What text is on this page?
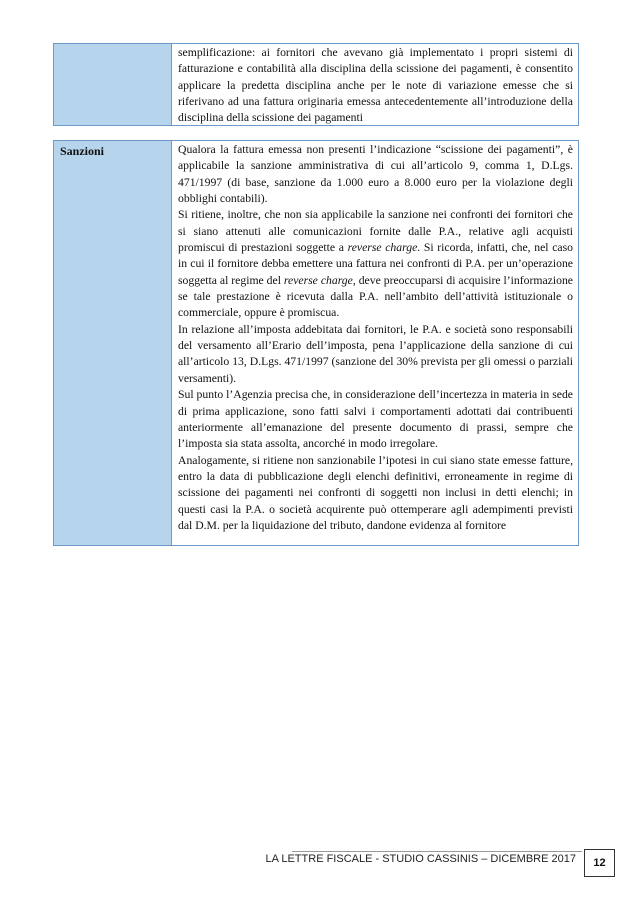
semplificazione: ai fornitori che avevano già implementato i propri sistemi di fatturazione e contabilità alla disciplina della scissione dei pagamenti, è consentito applicare la predetta disciplina anche per le note di variazione emesse che si riferivano ad una fattura originaria emessa antecedentemente all’introduzione della disciplina della scissione dei pagamenti

Sanzioni	Qualora la fattura emessa non presenti l’indicazione “scissione dei pagamenti”, è applicabile la sanzione amministrativa di cui all’articolo 9, comma 1, D.Lgs. 471/1997 (di base, sanzione da 1.000 euro a 8.000 euro per la violazione degli obblighi contabili).

Si ritiene, inoltre, che non sia applicabile la sanzione nei confronti dei fornitori che si siano attenuti alle comunicazioni fornite dalle P.A., relative agli acquisti promiscui di prestazioni soggette a reverse charge. Si ricorda, infatti, che, nel caso in cui il fornitore debba emettere una fattura nei confronti di P.A. per un’operazione soggetta al regime del reverse charge, deve preoccuparsi di acquisire l’informazione se tale prestazione è ricevuta dalla P.A. nell’ambito dell’attività istituzionale o commerciale, oppure è promiscua.

In relazione all’imposta addebitata dai fornitori, le P.A. e società sono responsabili del versamento all’Erario dell’imposta, pena l’applicazione della sanzione di cui all’articolo 13, D.Lgs. 471/1997 (sanzione del 30% prevista per gli omessi o parziali versamenti).

Sul punto l’Agenzia precisa che, in considerazione dell’incertezza in materia in sede di prima applicazione, sono fatti salvi i comportamenti adottati dai contribuenti anteriormente all’emanazione del presente documento di prassi, sempre che l’imposta sia stata assolta, ancorché in modo irregolare.

Analogamente, si ritiene non sanzionabile l’ipotesi in cui siano state emesse fatture, entro la data di pubblicazione degli elenchi definitivi, erroneamente in regime di scissione dei pagamenti nei confronti di soggetti non inclusi in detti elenchi; in questi casi la P.A. o società acquirente può ottemperare agli adempimenti previsti dal D.M. per la liquidazione del tributo, dandone evidenza al fornitore

LA LETTRE FISCALE - STUDIO CASSINIS – DICEMBRE 2017	12
